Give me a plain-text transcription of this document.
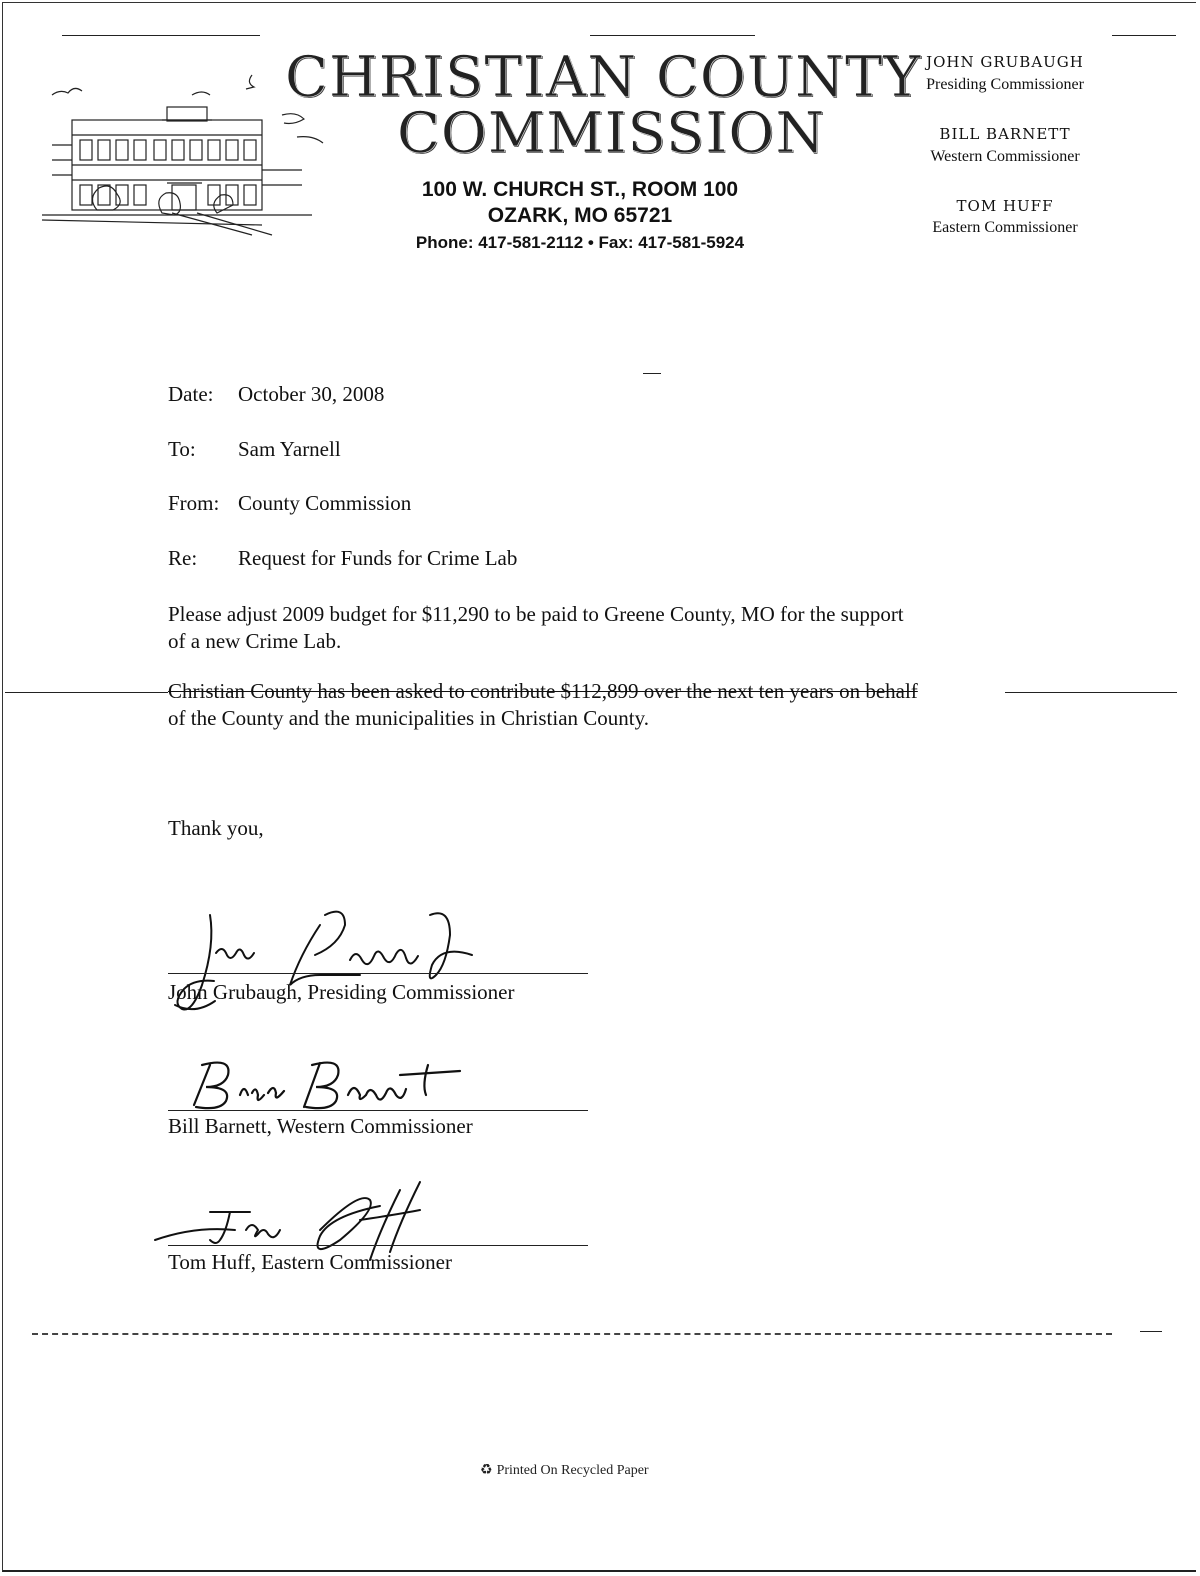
CHRISTIAN COUNTY
COMMISSION
100 W. CHURCH ST., ROOM 100
OZARK, MO 65721
Phone: 417-581-2112 • Fax: 417-581-5924
JOHN GRUBAUGH
Presiding Commissioner
BILL BARNETT
Western Commissioner
TOM HUFF
Eastern Commissioner
Date: October 30, 2008
To: Sam Yarnell
From: County Commission
Re: Request for Funds for Crime Lab
Please adjust 2009 budget for $11,290 to be paid to Greene County, MO for the support
of a new Crime Lab.
Christian County has been asked to contribute $112,899 over the next ten years on behalf
of the County and the municipalities in Christian County.
Thank you,
John Grubaugh, Presiding Commissioner
Bill Barnett, Western Commissioner
Tom Huff, Eastern Commissioner
♻ Printed On Recycled Paper
